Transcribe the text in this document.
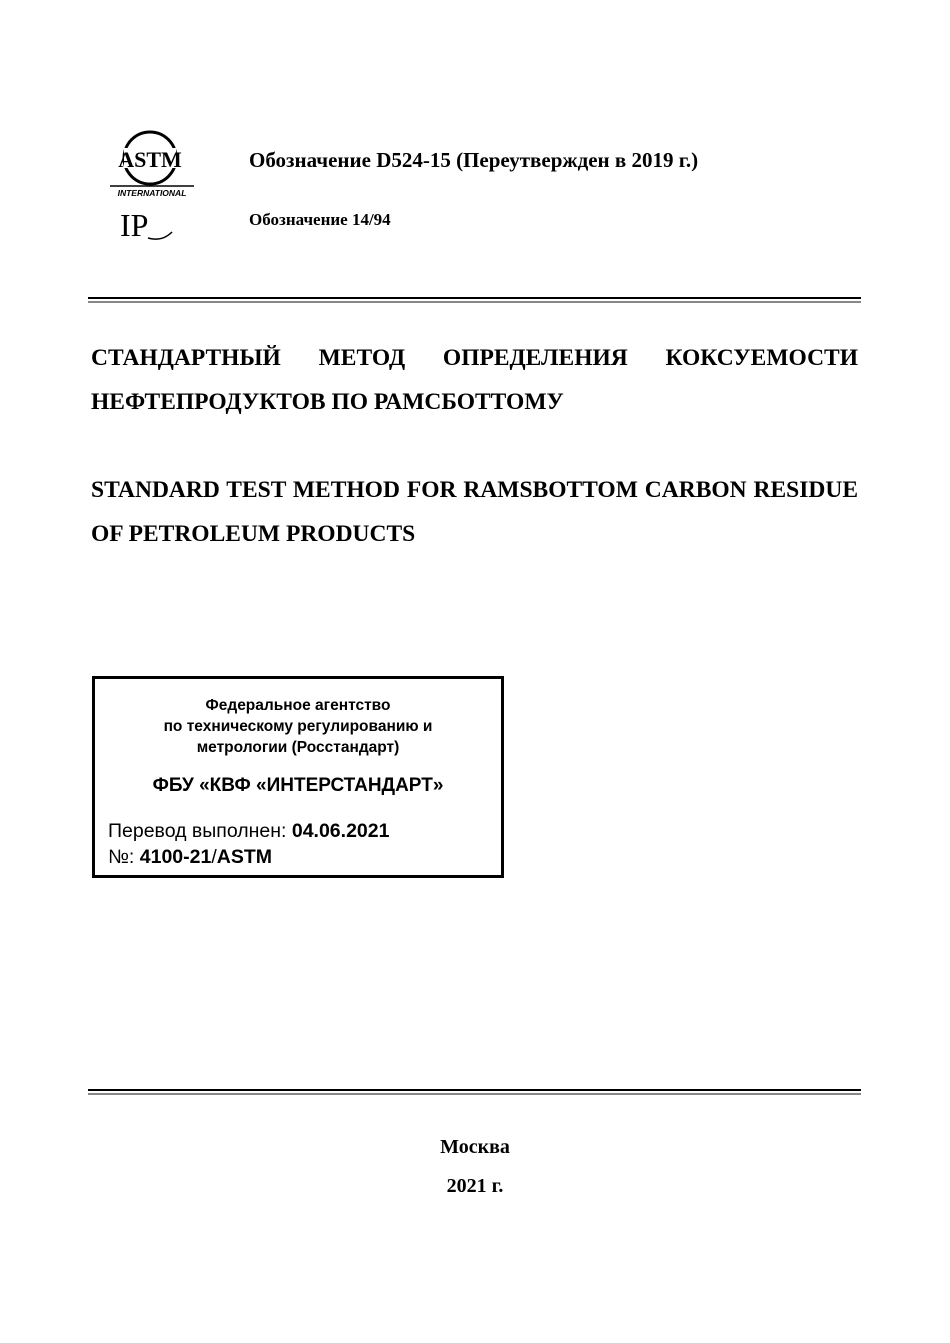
ASTM
INTERNATIONAL
IP
Обозначение D524-15 (Переутвержден в 2019 г.)
Обозначение 14/94
СТАНДАРТНЫЙ МЕТОД ОПРЕДЕЛЕНИЯ КОКСУЕМОСТИ НЕФТЕПРОДУКТОВ ПО РАМСБОТТОМУ
STANDARD TEST METHOD FOR RAMSBOTTOM CARBON RESIDUE OF PETROLEUM PRODUCTS
Федеральное агентство
по техническому регулированию и
метрологии (Росстандарт)
ФБУ «КВФ «ИНТЕРСТАНДАРТ»
Перевод выполнен: 04.06.2021
№: 4100-21/ASTM
Москва
2021 г.
